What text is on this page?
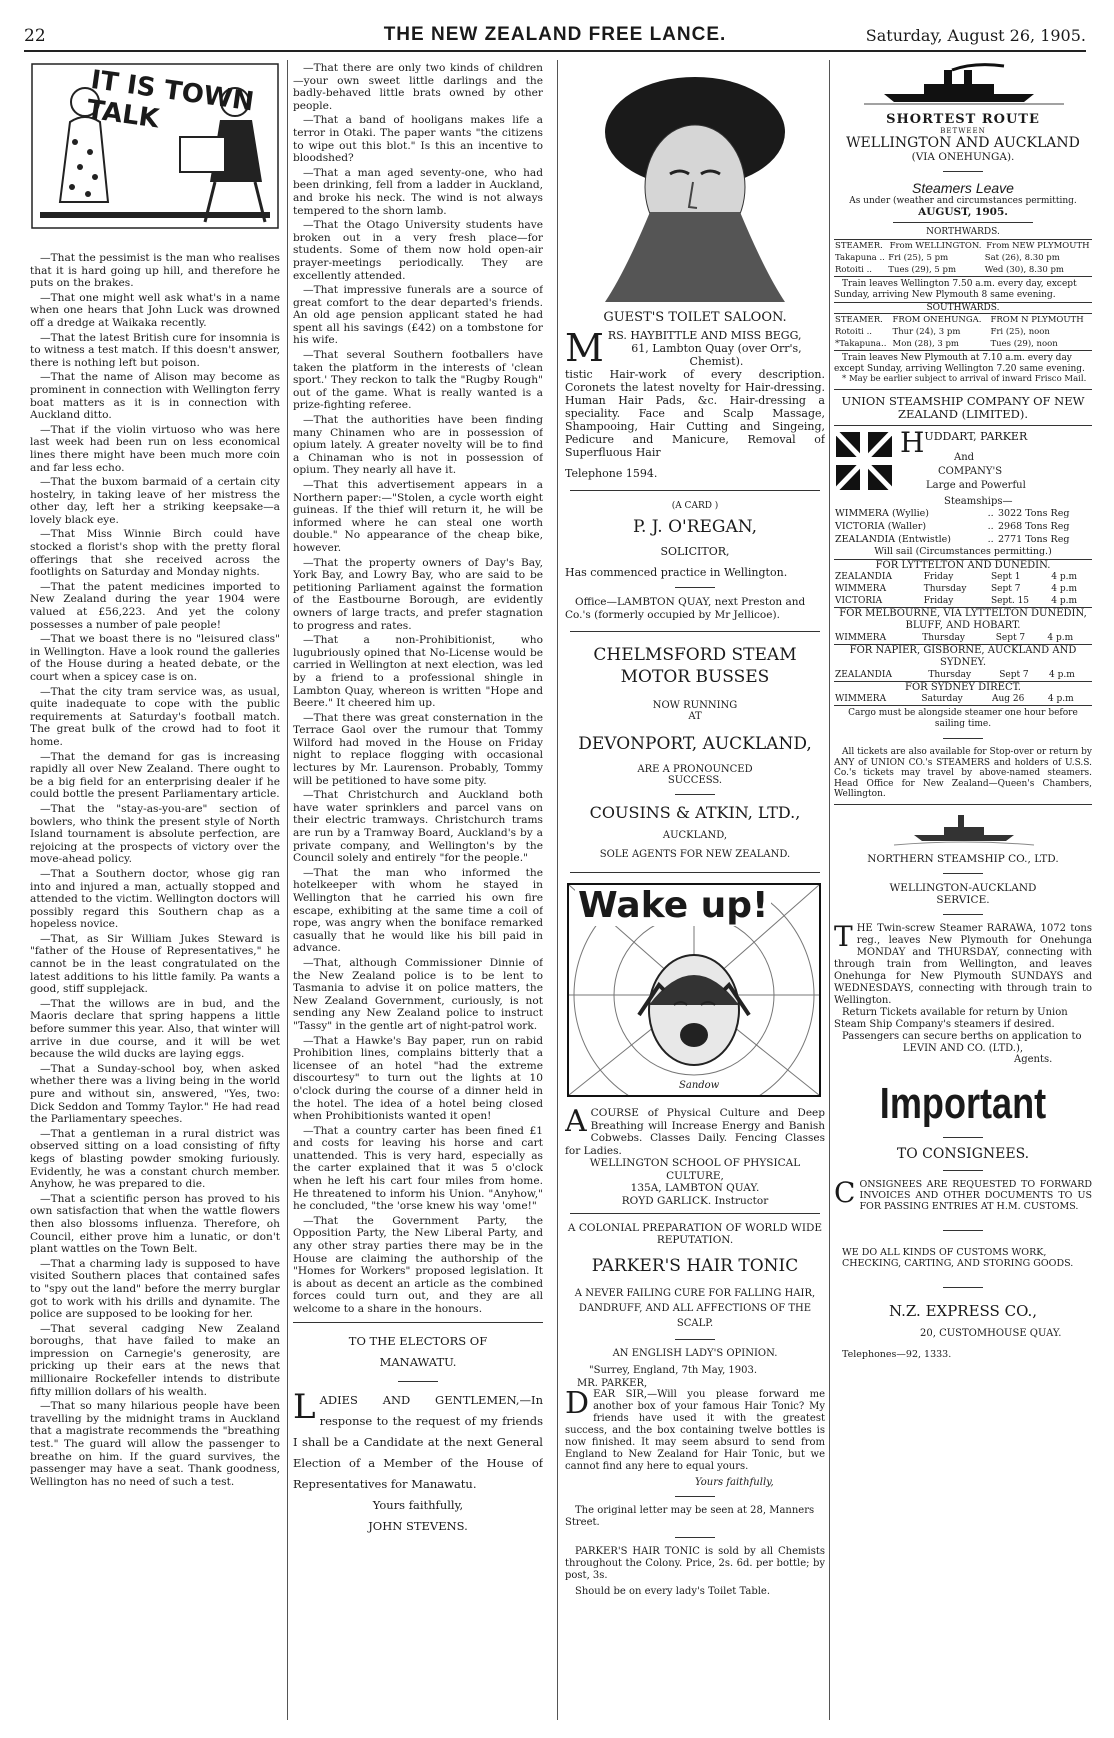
22	THE NEW ZEALAND FREE LANCE.	Saturday, August 26, 1905.
IT IS TOWN TALK

—That the pessimist is the man who realises that it is hard going up hill, and therefore he puts on the brakes.

—That one might well ask what's in a name when one hears that John Luck was drowned off a dredge at Waikaka recently.

—That the latest British cure for insomnia is to witness a test match. If this doesn't answer, there is nothing left but poison.

—That the name of Alison may become as prominent in connection with Wellington ferry boat matters as it is in connection with Auckland ditto.

—That if the violin virtuoso who was here last week had been run on less economical lines there might have been much more coin and far less echo.

—That the buxom barmaid of a certain city hostelry, in taking leave of her mistress the other day, left her a striking keepsake—a lovely black eye.

—That Miss Winnie Birch could have stocked a florist's shop with the pretty floral offerings that she received across the footlights on Saturday and Monday nights.

—That the patent medicines imported to New Zealand during the year 1904 were valued at £56,223. And yet the colony possesses a number of pale people!

—That we boast there is no "leisured class" in Wellington. Have a look round the galleries of the House during a heated debate, or the court when a spicey case is on.

—That the city tram service was, as usual, quite inadequate to cope with the public requirements at Saturday's football match. The great bulk of the crowd had to foot it home.

—That the demand for gas is increasing rapidly all over New Zealand. There ought to be a big field for an enterprising dealer if he could bottle the present Parliamentary article.

—That the "stay-as-you-are" section of bowlers, who think the present style of North Island tournament is absolute perfection, are rejoicing at the prospects of victory over the move-ahead policy.

—That a Southern doctor, whose gig ran into and injured a man, actually stopped and attended to the victim. Wellington doctors will possibly regard this Southern chap as a hopeless novice.

—That, as Sir William Jukes Steward is "father of the House of Representatives," he cannot be in the least congratulated on the latest additions to his little family. Pa wants a good, stiff supplejack.

—That the willows are in bud, and the Maoris declare that spring happens a little before summer this year. Also, that winter will arrive in due course, and it will be wet because the wild ducks are laying eggs.

—That a Sunday-school boy, when asked whether there was a living being in the world pure and without sin, answered, "Yes, two: Dick Seddon and Tommy Taylor." He had read the Parliamentary speeches.

—That a gentleman in a rural district was observed sitting on a load consisting of fifty kegs of blasting powder smoking furiously. Evidently, he was a constant church member. Anyhow, he was prepared to die.

—That a scientific person has proved to his own satisfaction that when the wattle flowers then also blossoms influenza. Therefore, oh Council, either prove him a lunatic, or don't plant wattles on the Town Belt.

—That a charming lady is supposed to have visited Southern places that contained safes to "spy out the land" before the merry burglar got to work with his drills and dynamite. The police are supposed to be looking for her.

—That several cadging New Zealand boroughs, that have failed to make an impression on Carnegie's generosity, are pricking up their ears at the news that millionaire Rockefeller intends to distribute fifty million dollars of his wealth.

—That so many hilarious people have been travelling by the midnight trams in Auckland that a magistrate recommends the "breathing test." The guard will allow the passenger to breathe on him. If the guard survives, the passenger may have a seat. Thank goodness, Wellington has no need of such a test.

—That there are only two kinds of children—your own sweet little darlings and the badly-behaved little brats owned by other people.

—That a band of hooligans makes life a terror in Otaki. The paper wants "the citizens to wipe out this blot." Is this an incentive to bloodshed?

—That a man aged seventy-one, who had been drinking, fell from a ladder in Auckland, and broke his neck. The wind is not always tempered to the shorn lamb.

—That the Otago University students have broken out in a very fresh place—for students. Some of them now hold open-air prayer-meetings periodically. They are excellently attended.

—That impressive funerals are a source of great comfort to the dear departed's friends. An old age pension applicant stated he had spent all his savings (£42) on a tombstone for his wife.

—That several Southern footballers have taken the platform in the interests of 'clean sport.' They reckon to talk the "Rugby Rough" out of the game. What is really wanted is a prize-fighting referee.

—That the authorities have been finding many Chinamen who are in possession of opium lately. A greater novelty will be to find a Chinaman who is not in possession of opium. They nearly all have it.

—That this advertisement appears in a Northern paper:—"Stolen, a cycle worth eight guineas. If the thief will return it, he will be informed where he can steal one worth double." No appearance of the cheap bike, however.

—That the property owners of Day's Bay, York Bay, and Lowry Bay, who are said to be petitioning Parliament against the formation of the Eastbourne Borough, are evidently owners of large tracts, and prefer stagnation to progress and rates.

—That a non-Prohibitionist, who lugubriously opined that No-License would be carried in Wellington at next election, was led by a friend to a professional shingle in Lambton Quay, whereon is written "Hope and Beere." It cheered him up.

—That there was great consternation in the Terrace Gaol over the rumour that Tommy Wilford had moved in the House on Friday night to replace flogging with occasional lectures by Mr. Laurenson. Probably, Tommy will be petitioned to have some pity.

—That Christchurch and Auckland both have water sprinklers and parcel vans on their electric tramways. Christchurch trams are run by a Tramway Board, Auckland's by a private company, and Wellington's by the Council solely and entirely "for the people."

—That the man who informed the hotelkeeper with whom he stayed in Wellington that he carried his own fire escape, exhibiting at the same time a coil of rope, was angry when the boniface remarked casually that he would like his bill paid in advance.

—That, although Commissioner Dinnie of the New Zealand police is to be lent to Tasmania to advise it on police matters, the New Zealand Government, curiously, is not sending any New Zealand police to instruct "Tassy" in the gentle art of night-patrol work.

—That a Hawke's Bay paper, run on rabid Prohibition lines, complains bitterly that a licensee of an hotel "had the extreme discourtesy" to turn out the lights at 10 o'clock during the course of a dinner held in the hotel. The idea of a hotel being closed when Prohibitionists wanted it open!

—That a country carter has been fined £1 and costs for leaving his horse and cart unattended. This is very hard, especially as the carter explained that it was 5 o'clock when he left his cart four miles from home. He threatened to inform his Union. "Anyhow," he concluded, "the 'orse knew his way 'ome!"

—That the Government Party, the Opposition Party, the New Liberal Party, and any other stray parties there may be in the House are claiming the authorship of the "Homes for Workers" proposed legislation. It is about as decent an article as the combined forces could turn out, and they are all welcome to a share in the honours.

TO THE ELECTORS OF

MANAWATU.

LADIES AND GENTLEMEN,—In response to the request of my friends I shall be a Candidate at the next General Election of a Member of the House of Representatives for Manawatu.

Yours faithfully,

JOHN STEVENS.

GUEST'S TOILET SALOON.
M RS. HAYBITTLE AND MISS BEGG,
61, Lambton Quay (over Orr's, Chemist).
tistic Hair-work of every description. Coronets the latest novelty for Hair-dressing. Human Hair Pads, &c. Hair-dressing a speciality. Face and Scalp Massage, Shampooing, Hair Cutting and Singeing, Pedicure and Manicure, Removal of Superfluous Hair
Telephone 1594.
(A CARD )
P. J. O'REGAN,
SOLICITOR,
Has commenced practice in Wellington.
Office—LAMBTON QUAY, next Preston and Co.'s (formerly occupied by Mr Jellicoe).
CHELMSFORD STEAM
MOTOR BUSSES
NOW RUNNING
AT
DEVONPORT, AUCKLAND,
ARE A PRONOUNCED
SUCCESS.
COUSINS & ATKIN, LTD.,
AUCKLAND,
SOLE AGENTS FOR NEW ZEALAND.
Wake up!
Sandow
ACOURSE of Physical Culture and Deep Breathing will Increase Energy and Banish Cobwebs. Classes Daily. Fencing Classes for Ladies.
WELLINGTON SCHOOL OF PHYSICAL CULTURE,
135A, LAMBTON QUAY.
ROYD GARLICK. Instructor
A COLONIAL PREPARATION OF WORLD WIDE REPUTATION.
PARKER'S HAIR TONIC
A NEVER FAILING CURE FOR FALLING HAIR, DANDRUFF, AND ALL AFFECTIONS OF THE SCALP.
AN ENGLISH LADY'S OPINION.
"Surrey, England, 7th May, 1903.
MR. PARKER,
DEAR SIR,—Will you please forward me another box of your famous Hair Tonic? My friends have used it with the greatest success, and the box containing twelve bottles is now finished. It may seem absurd to send from England to New Zealand for Hair Tonic, but we cannot find any here to equal yours.
Yours faithfully,
The original letter may be seen at 28, Manners Street.
PARKER'S HAIR TONIC is sold by all Chemists throughout the Colony. Price, 2s. 6d. per bottle; by post, 3s.
Should be on every lady's Toilet Table.
SHORTEST ROUTE
BETWEEN
WELLINGTON AND AUCKLAND
(VIA ONEHUNGA).
Steamers Leave
As under (weather and circumstances permitting.
AUGUST, 1905.
NORTHWARDS.
STEAMER.	From WELLINGTON.	From NEW PLYMOUTH
Takapuna ..	Fri (25), 5 pm	Sat (26), 8.30 pm
Rotoiti ..	Tues (29), 5 pm	Wed (30), 8.30 pm
Train leaves Wellington 7.50 a.m. every day, except Sunday, arriving New Plymouth 8 same evening.
SOUTHWARDS.
STEAMER.	FROM ONEHUNGA.	FROM N PLYMOUTH
Rotoiti ..	Thur (24), 3 pm	Fri (25), noon
*Takapuna..	Mon (28), 3 pm	Tues (29), noon
Train leaves New Plymouth at 7.10 a.m. every day except Sunday, arriving Wellington 7.20 same evening.
* May be earlier subject to arrival of inward Frisco Mail.
UNION STEAMSHIP COMPANY OF NEW ZEALAND (LIMITED).
HUDDART, PARKER
And
COMPANY'S
Large and Powerful
Steamships—
WIMMERA (Wyllie)	..	3022 Tons Reg
VICTORIA (Waller)	..	2968 Tons Reg
ZEALANDIA (Entwistle)	..	2771 Tons Reg
Will sail (Circumstances permitting.)
FOR LYTTELTON AND DUNEDIN.
ZEALANDIA	Friday	Sept 1	4 p.m
WIMMERA	Thursday	Sept 7	4 p.m
VICTORIA	Friday	Sept. 15	4 p.m
FOR MELBOURNE, VIA LYTTELTON DUNEDIN, BLUFF, AND HOBART.
WIMMERA	Thursday	Sept 7	4 p.m
FOR NAPIER, GISBORNE, AUCKLAND AND SYDNEY.
ZEALANDIA	Thursday	Sept 7	4 p.m
FOR SYDNEY DIRECT.
WIMMERA	Saturday	Aug 26	4 p.m
Cargo must be alongside steamer one hour before sailing time.
All tickets are also available for Stop-over or return by ANY of UNION CO.'s STEAMERS and holders of U.S.S. Co.'s tickets may travel by above-named steamers. Head Office for New Zealand—Queen's Chambers, Wellington.
NORTHERN STEAMSHIP CO., LTD.
WELLINGTON-AUCKLAND SERVICE.
THE Twin-screw Steamer RARAWA, 1072 tons reg., leaves New Plymouth for Onehunga MONDAY and THURSDAY, connecting with through train from Wellington, and leaves Onehunga for New Plymouth SUNDAYS and WEDNESDAYS, connecting with through train to Wellington.
Return Tickets available for return by Union Steam Ship Company's steamers if desired.
Passengers can secure berths on application to
LEVIN AND CO. (LTD.),
Agents.
Important
TO CONSIGNEES.
CONSIGNEES ARE REQUESTED TO FORWARD INVOICES AND OTHER DOCUMENTS TO US FOR PASSING ENTRIES AT H.M. CUSTOMS.
WE DO ALL KINDS OF CUSTOMS WORK, CHECKING, CARTING, AND STORING GOODS.
N.Z. EXPRESS CO.,
20, CUSTOMHOUSE QUAY.
Telephones—92, 1333.
